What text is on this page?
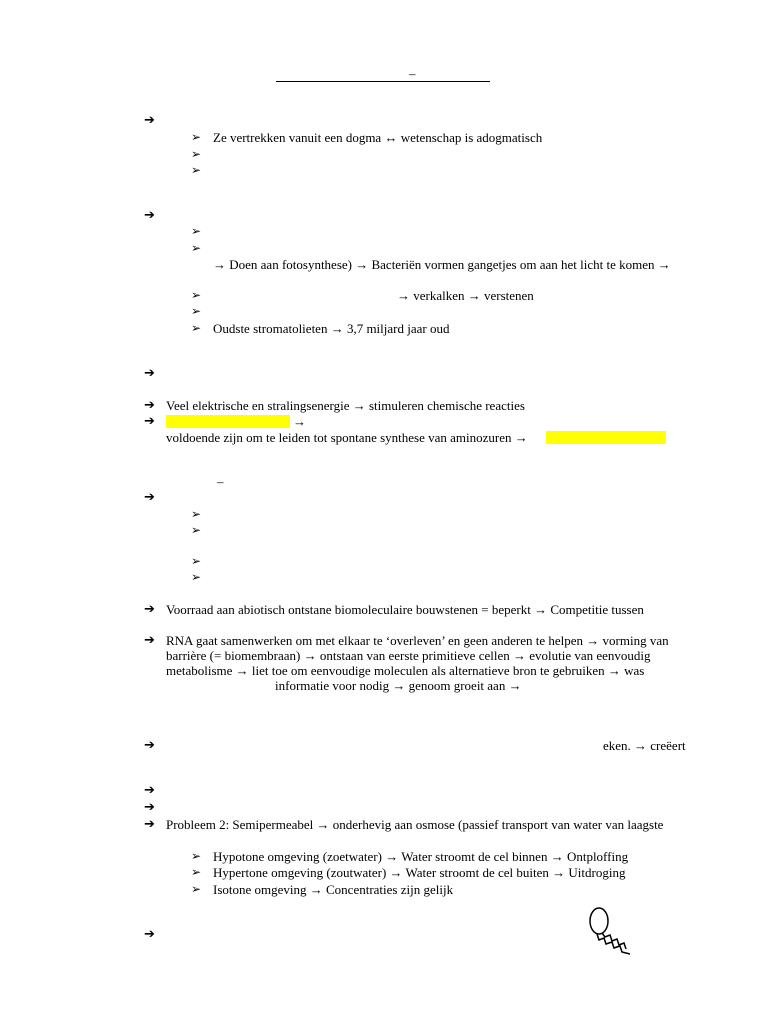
–
➔
➢ Ze vertrekken vanuit een dogma ↔ wetenschap is adogmatisch
➢
➢
➔
➢
➢
→ Doen aan fotosynthese) → Bacteriën vormen gangetjes om aan het licht te komen →
➢	→ verkalken → verstenen
➢
➢ Oudste stromatolieten → 3,7 miljard jaar oud
➔
➔ Veel elektrische en stralingsenergie → stimuleren chemische reacties
➔	→
voldoende zijn om te leiden tot spontane synthese van aminozuren →
–
➔
➢
➢
➢
➢
➔ Voorraad aan abiotisch ontstane biomoleculaire bouwstenen = beperkt → Competitie tussen
➔ RNA gaat samenwerken om met elkaar te ‘overleven’ en geen anderen te helpen → vorming van
barrière (= biomembraan) → ontstaan van eerste primitieve cellen → evolutie van eenvoudig
metabolisme → liet toe om eenvoudige moleculen als alternatieve bron te gebruiken → was
informatie voor nodig → genoom groeit aan →
➔	eken. → creëert
➔
➔
➔ Probleem 2: Semipermeabel → onderhevig aan osmose (passief transport van water van laagste
➢ Hypotone omgeving (zoetwater) → Water stroomt de cel binnen → Ontploffing
➢ Hypertone omgeving (zoutwater) → Water stroomt de cel buiten → Uitdroging
➢ Isotone omgeving → Concentraties zijn gelijk
➔
